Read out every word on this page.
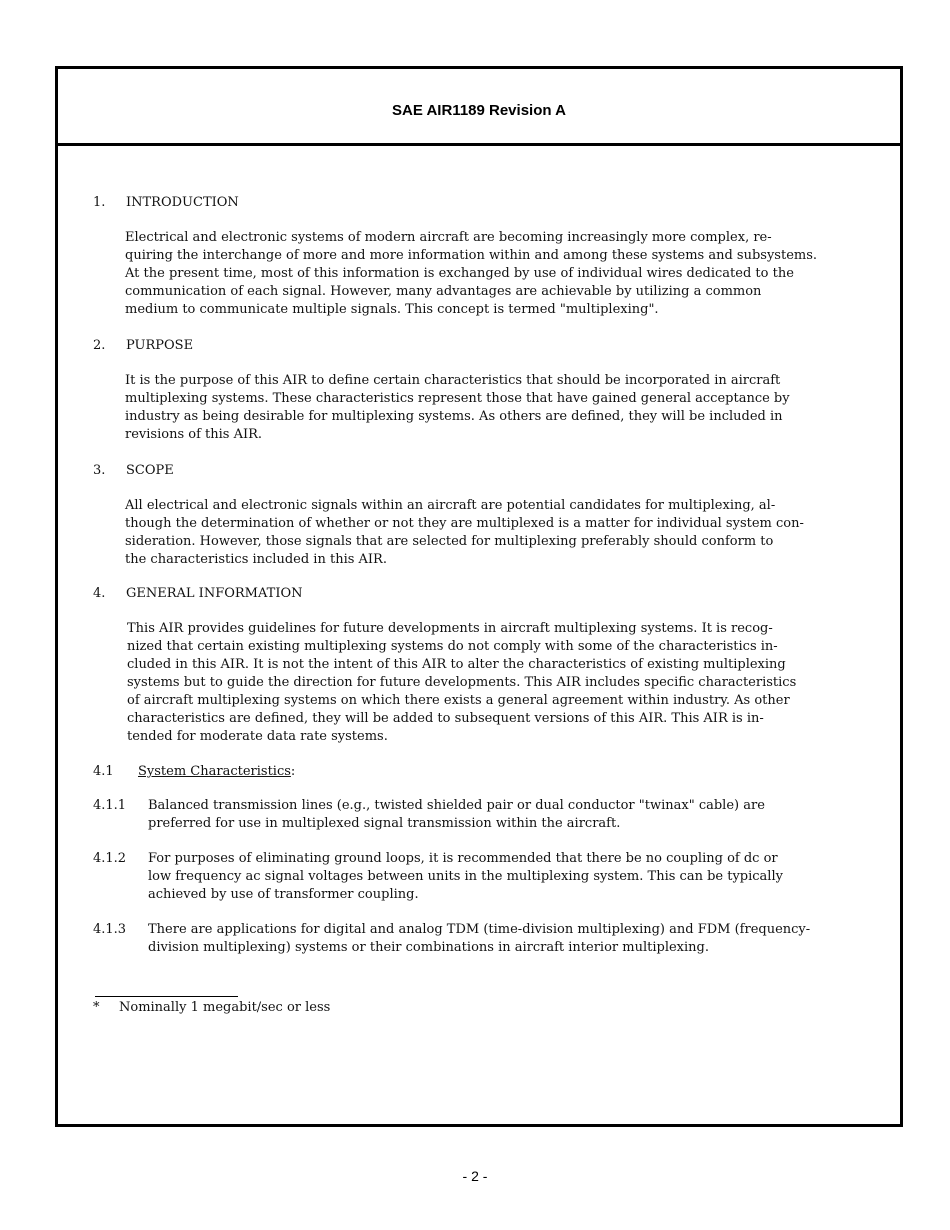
SAE AIR1189 Revision A
1. INTRODUCTION
Electrical and electronic systems of modern aircraft are becoming increasingly more complex, re-
quiring the interchange of more and more information within and among these systems and subsystems.
At the present time, most of this information is exchanged by use of individual wires dedicated to the
communication of each signal. However, many advantages are achievable by utilizing a common
medium to communicate multiple signals. This concept is termed "multiplexing".
2. PURPOSE
It is the purpose of this AIR to define certain characteristics that should be incorporated in aircraft
multiplexing systems. These characteristics represent those that have gained general acceptance by
industry as being desirable for multiplexing systems. As others are defined, they will be included in
revisions of this AIR.
3. SCOPE
All electrical and electronic signals within an aircraft are potential candidates for multiplexing, al-
though the determination of whether or not they are multiplexed is a matter for individual system con-
sideration. However, those signals that are selected for multiplexing preferably should conform to
the characteristics included in this AIR.
4. GENERAL INFORMATION
This AIR provides guidelines for future developments in aircraft multiplexing systems. It is recog-
nized that certain existing multiplexing systems do not comply with some of the characteristics in-
cluded in this AIR. It is not the intent of this AIR to alter the characteristics of existing multiplexing
systems but to guide the direction for future developments. This AIR includes specific characteristics
of aircraft multiplexing systems on which there exists a general agreement within industry. As other
characteristics are defined, they will be added to subsequent versions of this AIR. This AIR is in-
tended for moderate data rate systems.
4.1 System Characteristics:
4.1.1 Balanced transmission lines (e.g., twisted shielded pair or dual conductor "twinax" cable) are
preferred for use in multiplexed signal transmission within the aircraft.
4.1.2 For purposes of eliminating ground loops, it is recommended that there be no coupling of dc or
low frequency ac signal voltages between units in the multiplexing system. This can be typically
achieved by use of transformer coupling.
4.1.3 There are applications for digital and analog TDM (time-division multiplexing) and FDM (frequency-
division multiplexing) systems or their combinations in aircraft interior multiplexing.
* Nominally 1 megabit/sec or less
- 2 -
